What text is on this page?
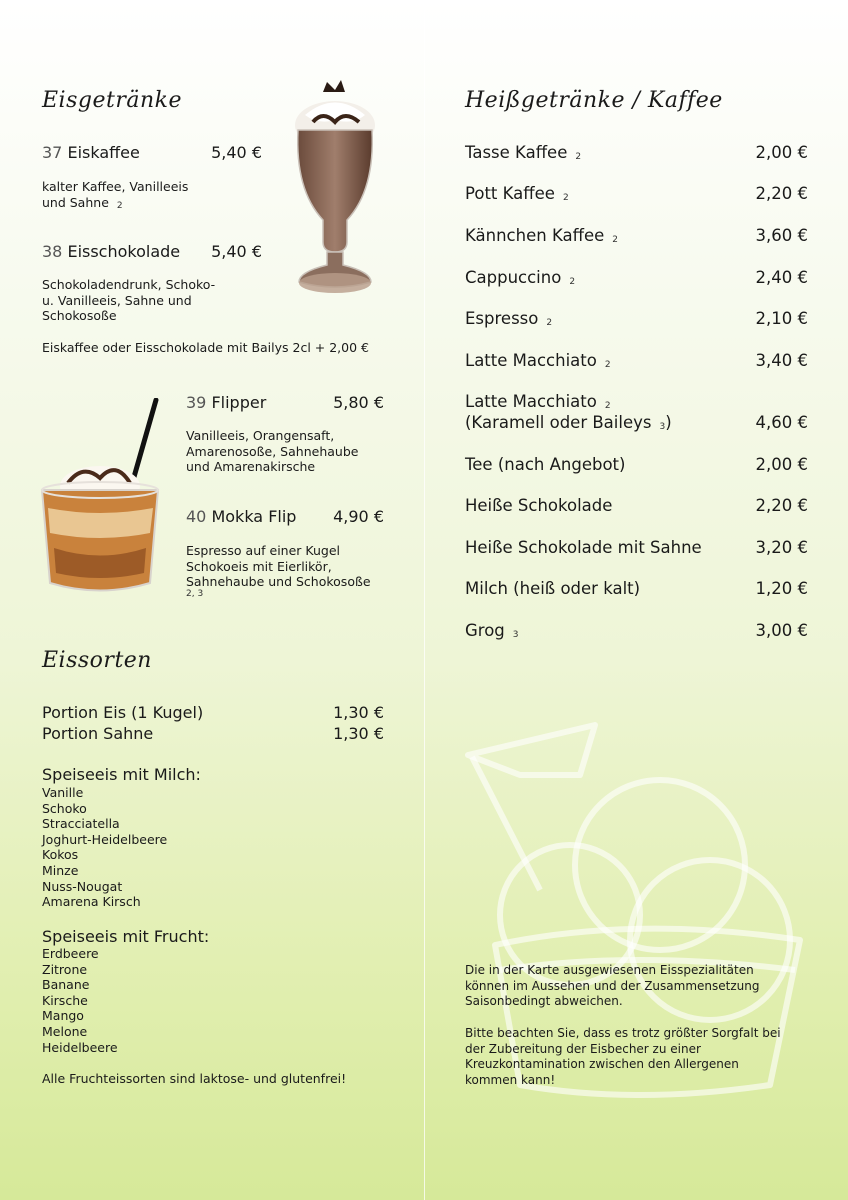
Eisgetränke
37 Eiskaffee	5,40 €
kalter Kaffee, Vanilleeis
und Sahne 2
38 Eisschokolade 5,40 €
Schokoladendrunk, Schoko-
u. Vanilleeis, Sahne und
Schokosoße
Eiskaffee oder Eisschokolade mit Bailys 2cl + 2,00 €
39 Flipper	5,80 €
Vanilleeis, Orangensaft,
Amarenosoße, Sahnehaube
und Amarenakirsche
40 Mokka Flip 4,90 €
Espresso auf einer Kugel
Schokoeis mit Eierlikör,
Sahnehaube und Schokosoße
2, 3
Eissorten
Portion Eis (1 Kugel)	1,30 €
Portion Sahne	1,30 €
Speiseeis mit Milch:
Vanille
Schoko
Stracciatella
Joghurt-Heidelbeere
Kokos
Minze
Nuss-Nougat
Amarena Kirsch
Speiseeis mit Frucht:
Erdbeere
Zitrone
Banane
Kirsche
Mango
Melone
Heidelbeere
Alle Fruchteissorten sind laktose- und glutenfrei!
Heißgetränke / Kaffee
Tasse Kaffee 2	2,00 €
Pott Kaffee 2	2,20 €
Kännchen Kaffee 2	3,60 €
Cappuccino 2	2,40 €
Espresso 2	2,10 €
Latte Macchiato 2	3,40 €
Latte Macchiato 2
(Karamell oder Baileys 3)	4,60 €
Tee (nach Angebot)	2,00 €
Heiße Schokolade	2,20 €
Heiße Schokolade mit Sahne	3,20 €
Milch (heiß oder kalt)	1,20 €
Grog 3	3,00 €
Die in der Karte ausgewiesenen Eisspezialitäten
können im Aussehen und der Zusammensetzung
Saisonbedingt abweichen.
Bitte beachten Sie, dass es trotz größter Sorgfalt bei
der Zubereitung der Eisbecher zu einer
Kreuzkontamination zwischen den Allergenen
kommen kann!
